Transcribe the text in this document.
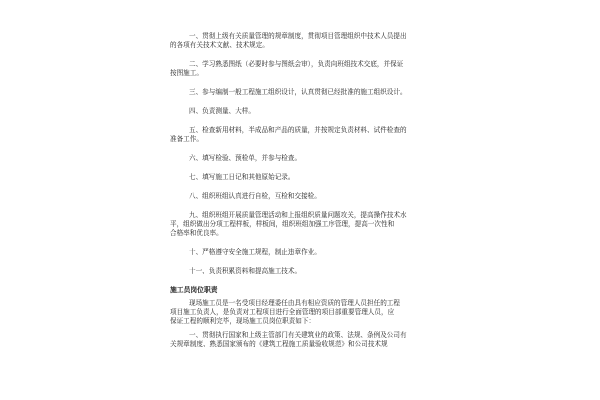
一、贯彻上级有关质量管理的规章制度，贯彻项目管理组织中技术人员提出
的各项有关技术文献、技术规定。
二、学习熟悉图纸（必要时参与图纸会审），负责向班组技术交底，并保证
按图施工。
三、参与编制一般工程施工组织设计，认真贯彻已经批准的施工组织设计。
四、负责测量、大样。
五、检查新用材料，半成品和产品的质量，并按规定负责材料、试件检查的
准备工作。
六、填写检验、预检单，并参与检查。
七、填写施工日记和其他原始记录。
八、组织班组认真进行自检，互检和交接检。
九、组织班组开展质量管理活动和上报组织质量问题攻关，提高操作技术水
平，组织做出分项工程样板，样板间，组织班组加强工序管理，提高一次性和
合格率和优良率。
十、严格遵守安全施工规程，制止违章作业。
十一、负责积累资料和提高施工技术。
施工员岗位职责
现场施工员是一名受项目经理委任由具有相应资质的管理人员担任的工程
项目施工负责人，是负责对工程项目进行全面管理的项目部重要管理人员，应
保证工程的顺利完毕，现场施工员岗位职责如下：
一、贯彻执行国家和上级主管部门有关建筑业的政策、法规、条例及公司有
关规章制度、熟悉国家颁布的《建筑工程施工质量验收规范》和公司技术规
